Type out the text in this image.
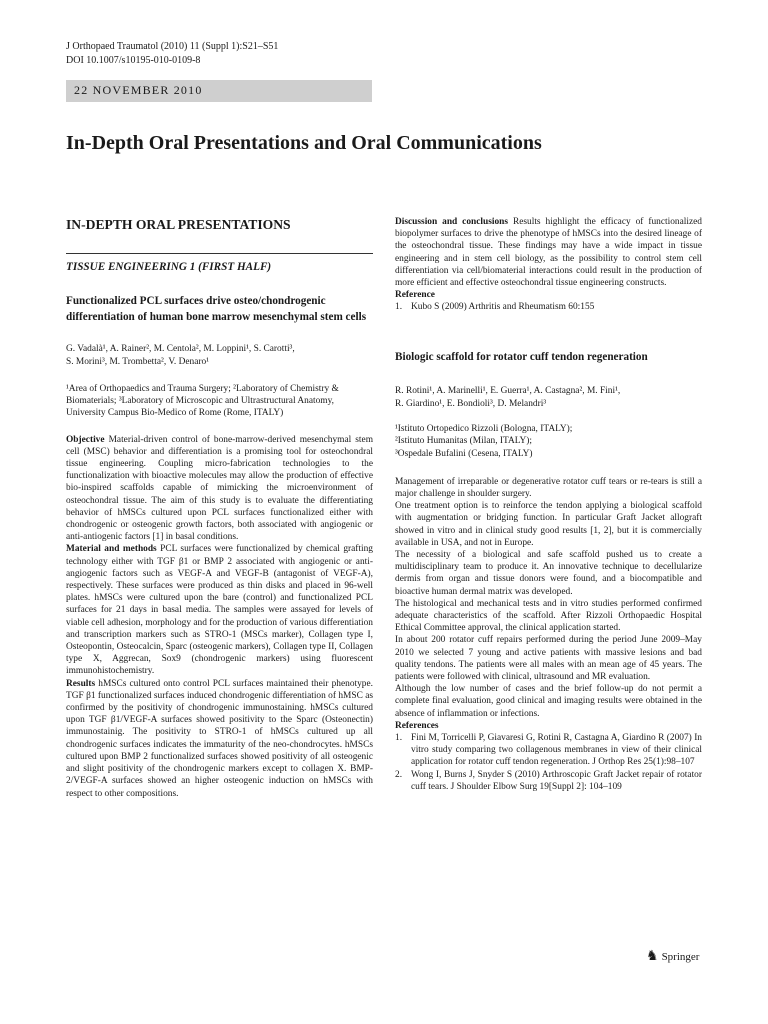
J Orthopaed Traumatol (2010) 11 (Suppl 1):S21–S51
DOI 10.1007/s10195-010-0109-8
22 NOVEMBER 2010
In-Depth Oral Presentations and Oral Communications
IN-DEPTH ORAL PRESENTATIONS
TISSUE ENGINEERING 1 (FIRST HALF)
Functionalized PCL surfaces drive osteo/chondrogenic differentiation of human bone marrow mesenchymal stem cells
G. Vadalà¹, A. Rainer², M. Centola², M. Loppini¹, S. Carotti³,
S. Morini³, M. Trombetta², V. Denaro¹
¹Area of Orthopaedics and Trauma Surgery; ²Laboratory of Chemistry & Biomaterials; ³Laboratory of Microscopic and Ultrastructural Anatomy, University Campus Bio-Medico of Rome (Rome, ITALY)

Objective Material-driven control of bone-marrow-derived mesenchymal stem cell (MSC) behavior and differentiation is a promising tool for osteochondral tissue engineering. Coupling micro-fabrication technologies to the functionalization with bioactive molecules may allow the production of effective bio-inspired scaffolds capable of mimicking the microenvironment of osteochondral tissue. The aim of this study is to evaluate the differentiating behavior of hMSCs cultured upon PCL surfaces functionalized either with chondrogenic or osteogenic growth factors, both associated with angiogenic or anti-antiogenic factors [1] in basal conditions.

Material and methods PCL surfaces were functionalized by chemical grafting technology either with TGF β1 or BMP 2 associated with angiogenic or anti-angiogenic factors such as VEGF-A and VEGF-B (antagonist of VEGF-A), respectively. These surfaces were produced as thin disks and placed in 96-well plates. hMSCs were cultured upon the bare (control) and functionalized PCL surfaces for 21 days in basal media. The samples were assayed for levels of viable cell adhesion, morphology and for the production of various differentiation and transcription markers such as STRO-1 (MSCs marker), Collagen type I, Osteopontin, Osteocalcin, Sparc (osteogenic markers), Collagen type II, Collagen type X, Aggrecan, Sox9 (chondrogenic markers) using fluorescent immunohistochemistry.

Results hMSCs cultured onto control PCL surfaces maintained their phenotype. TGF β1 functionalized surfaces induced chondrogenic differentiation of hMSC as confirmed by the positivity of chondrogenic immunostaining. hMSCs cultured upon TGF β1/VEGF-A surfaces showed positivity to the Sparc (Osteonectin) immunostainig. The positivity to STRO-1 of hMSCs cultured up all chondrogenic surfaces indicates the immaturity of the neo-chondrocytes. hMSCs cultured upon BMP 2 functionalized surfaces showed positivity of all osteogenic and slight positivity of the chondrogenic markers except to collagen X. BMP-2/VEGF-A surfaces showed an higher osteogenic induction on hMSCs with respect to other compositions.

Discussion and conclusions Results highlight the efficacy of functionalized biopolymer surfaces to drive the phenotype of hMSCs into the desired lineage of the osteochondral tissue. These findings may have a wide impact in tissue engineering and in stem cell biology, as the possibility to control stem cell differentiation via cell/biomaterial interactions could result in the production of more efficient and effective osteochondral tissue engineering constructs.

Reference

1. Kubo S (2009) Arthritis and Rheumatism 60:155
Biologic scaffold for rotator cuff tendon regeneration
R. Rotini¹, A. Marinelli¹, E. Guerra¹, A. Castagna², M. Fini¹,
R. Giardino¹, E. Bondioli³, D. Melandri³
¹Istituto Ortopedico Rizzoli (Bologna, ITALY);
²Istituto Humanitas (Milan, ITALY);
³Ospedale Bufalini (Cesena, ITALY)

Management of irreparable or degenerative rotator cuff tears or re-tears is still a major challenge in shoulder surgery.

One treatment option is to reinforce the tendon applying a biological scaffold with augmentation or bridging function. In particular Graft Jacket allograft showed in vitro and in clinical study good results [1, 2], but it is commercially available in USA, and not in Europe.

The necessity of a biological and safe scaffold pushed us to create a multidisciplinary team to produce it. An innovative technique to decellularize dermis from organ and tissue donors were found, and a biocompatible and bioactive human dermal matrix was developed.

The histological and mechanical tests and in vitro studies performed confirmed adequate characteristics of the scaffold. After Rizzoli Orthopaedic Hospital Ethical Committee approval, the clinical application started.

In about 200 rotator cuff repairs performed during the period June 2009–May 2010 we selected 7 young and active patients with massive lesions and bad quality tendons. The patients were all males with an mean age of 45 years. The patients were followed with clinical, ultrasound and MR evaluation.

Although the low number of cases and the brief follow-up do not permit a complete final evaluation, good clinical and imaging results were obtained in the absence of inflammation or infections.

References

1. Fini M, Torricelli P, Giavaresi G, Rotini R, Castagna A, Giardino R (2007) In vitro study comparing two collagenous membranes in view of their clinical application for rotator cuff tendon regeneration. J Orthop Res 25(1):98–107
2. Wong I, Burns J, Snyder S (2010) Arthroscopic Graft Jacket repair of rotator cuff tears. J Shoulder Elbow Surg 19[Suppl 2]: 104–109
♞ Springer
